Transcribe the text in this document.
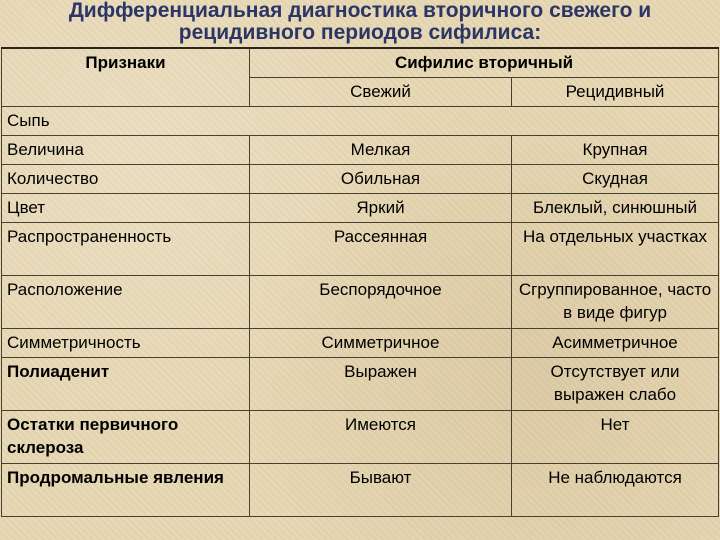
Дифференциальная диагностика вторичного свежего и
рецидивного периодов сифилиса:
Признаки	Сифилис вторичный	
	Свежий	Рецидивный
Сыпь		
Величина	Мелкая	Крупная
Количество	Обильная	Скудная
Цвет	Яркий	Блеклый, синюшный
Распространенность	Рассеянная	На отдельных участках
Расположение	Беспорядочное	Сгруппированное, часто в виде фигур
Симметричность	Симметричное	Асимметричное
Полиаденит	Выражен	Отсутствует или выражен слабо
Остатки первичного склероза	Имеются	Нет
Продромальные явления	Бывают	Не наблюдаются
